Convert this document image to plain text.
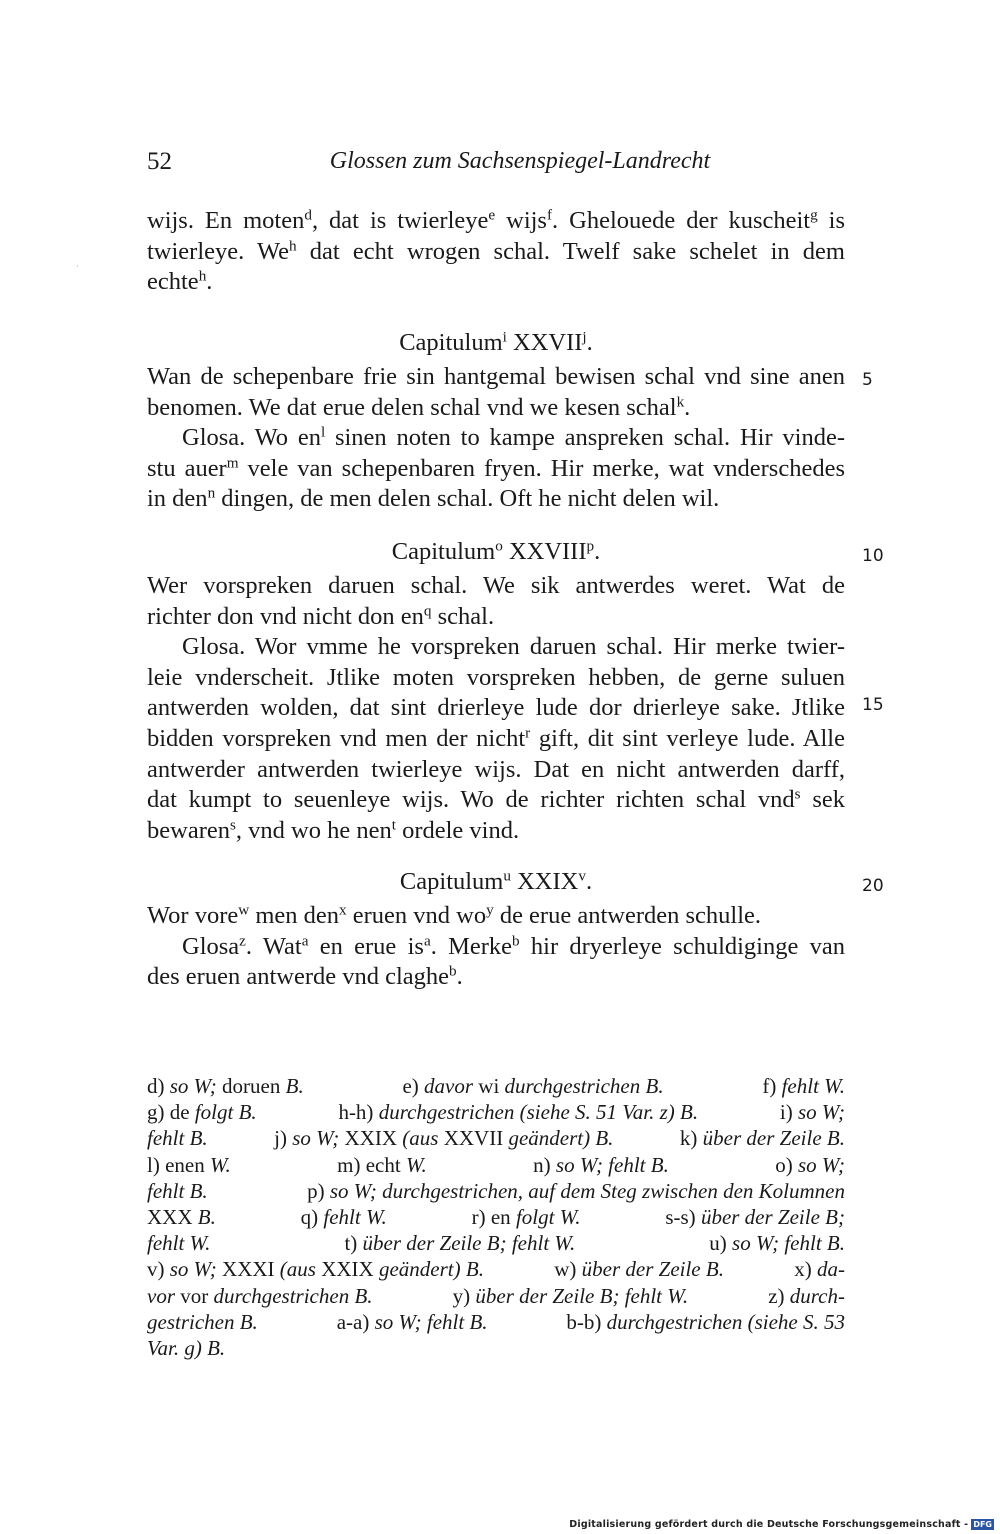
52	Glossen zum Sachsenspiegel-Landrecht
·
wijs. En moten$^d$, dat is twierleye$^e$ wijs$^f$. Ghelouede der kuscheit$^g$ is
twierleye. We$^h$ dat echt wrogen schal. Twelf sake schelet in dem
echte$^h$.
Capitulum$^i$ XXVII$^j$.
Wan de schepenbare frie sin hantgemal bewisen schal vnd sine anen
benomen. We dat erue delen schal vnd we kesen schal$^k$.
Glosa. Wo $en^l$ sinen noten to kampe anspreken schal. Hir vinde-
stu auer$^m$ vele van schepenbaren fryen. Hir merke, wat vnderschedes
in den$^n$ dingen, de men delen schal. Oft he nicht delen wil.
Capitulum$^o$ XXVIII$^p$.
Wer vorspreken daruen schal. We sik antwerdes weret. Wat de
richter don vnd nicht don $en^q$ schal.
Glosa. Wor vmme he vorspreken daruen schal. Hir merke twier-
leie vnderscheit. Jtlike moten vorspreken hebben, de gerne suluen
antwerden wolden, dat sint drierleye lude dor drierleye sake. Jtlike
bidden vorspreken vnd men der nicht$^r$ gift, dit sint verleye lude. Alle
antwerder antwerden twierleye wijs. Dat en nicht antwerden darff,
dat kumpt to seuenleye wijs. Wo de richter richten schal vnd$^s$ sek
bewaren$^s$, vnd wo he nen$^t$ ordele vind.
Capitulum$^u$ XXIX$^v$.
Wor vore$^w$ men den$^x$ eruen vnd $wo^y$ de erue antwerden schulle.
Glosa$^z$. Wat$^a$ en erue $is^a$. Merke$^b$ hir dryerleye schuldiginge van
des eruen antwerde vnd claghe$^b$.
5
10
15
20
d) so W; doruen B.	e) davor wi durchgestrichen B.	f) fehlt W.
g) de folgt B.	h-h) durchgestrichen (siehe S. 51 Var. z) B.	i) so W;
fehlt B.	j) so W; XXIX (aus XXVII geändert) B.	k) über der Zeile B.
l) enen W.	m) echt W.	n) so W; fehlt B.	o) so W;
fehlt B.	p) so W; durchgestrichen, auf dem Steg zwischen den Kolumnen
XXX B.	q) fehlt W.	r) en folgt W.	s-s) über der Zeile B;
fehlt W.	t) über der Zeile B; fehlt W.	u) so W; fehlt B.
v) so W; XXXI (aus XXIX geändert) B.	w) über der Zeile B.	x) da-
vor vor durchgestrichen B.	y) über der Zeile B; fehlt W.	z) durch-
gestrichen B.	a-a) so W; fehlt B.	b-b) durchgestrichen (siehe S. 53
Var. g) B.
Digitalisierung gefördert durch die Deutsche Forschungsgemeinschaft - DFG
